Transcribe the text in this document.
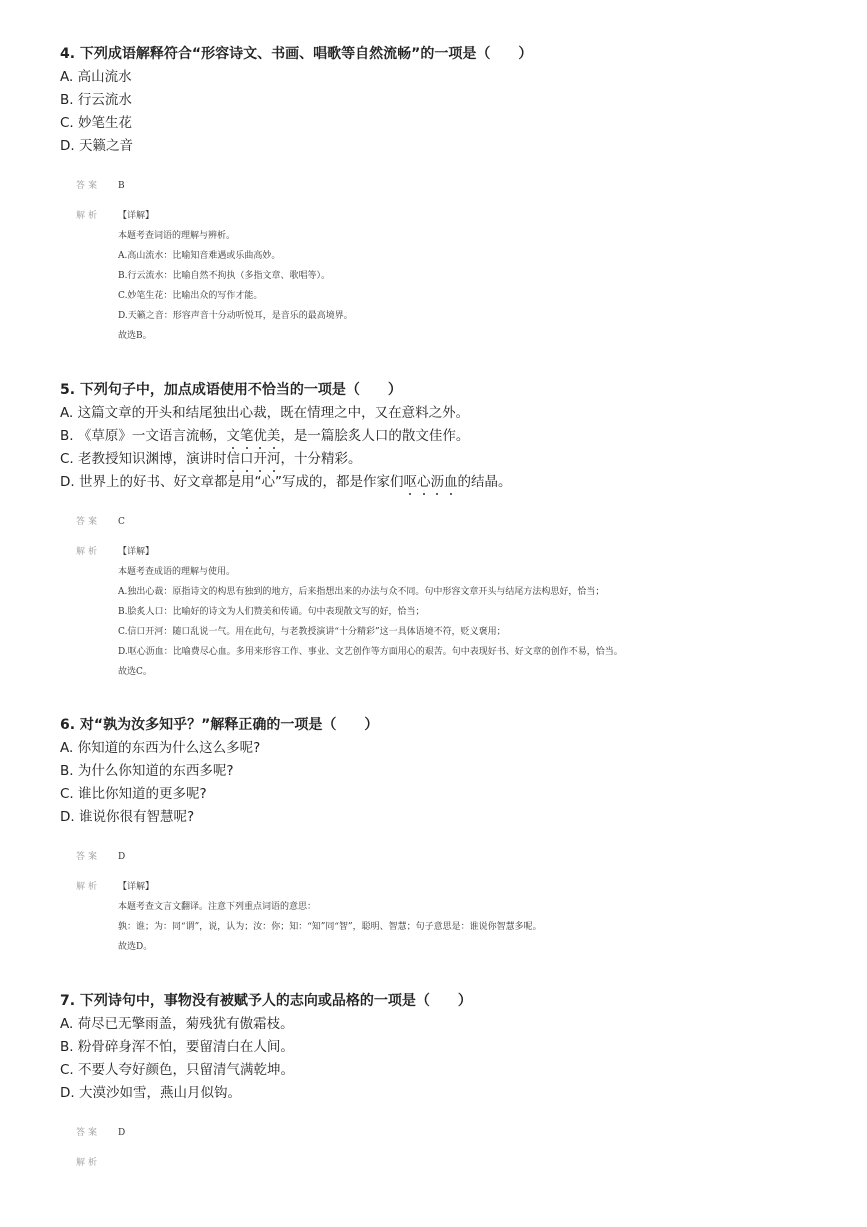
4. 下列成语解释符合“形容诗文、书画、唱歌等自然流畅”的一项是（　　）
A. 高山流水
B. 行云流水
C. 妙笔生花
D. 天籁之音
答案 B
解析 【详解】
本题考查词语的理解与辨析。
A.高山流水：比喻知音难遇或乐曲高妙。
B.行云流水：比喻自然不拘执（多指文章、歌唱等）。
C.妙笔生花：比喻出众的写作才能。
D.天籁之音：形容声音十分动听悦耳，是音乐的最高境界。
故选B。
5. 下列句子中，加点成语使用不恰当的一项是（　　）
A. 这篇文章的开头和结尾独出心裁，既在情理之中，又在意料之外。
B. 《草原》一文语言流畅，文笔优美，是一篇脍炙人口的散文佳作。
C. 老教授知识渊博，演讲时信口开河，十分精彩。
D. 世界上的好书、好文章都是用“心”写成的，都是作家们呕心沥血的结晶。
答案 C
解析 【详解】
本题考查成语的理解与使用。
A.独出心裁：原指诗文的构思有独到的地方，后来指想出来的办法与众不同。句中形容文章开头与结尾方法构思好，恰当；
B.脍炙人口：比喻好的诗文为人们赞美和传诵。句中表现散文写的好，恰当；
C.信口开河：随口乱说一气。用在此句，与老教授演讲“十分精彩”这一具体语境不符，贬义褒用；
D.呕心沥血：比喻费尽心血。多用来形容工作、事业、文艺创作等方面用心的艰苦。句中表现好书、好文章的创作不易，恰当。
故选C。
6. 对“孰为汝多知乎？”解释正确的一项是（　　）
A. 你知道的东西为什么这么多呢?
B. 为什么你知道的东西多呢?
C. 谁比你知道的更多呢?
D. 谁说你很有智慧呢?
答案 D
解析 【详解】
本题考查文言文翻译。注意下列重点词语的意思：
孰：谁；为：同“谓”，说，认为；汝：你；知：“知”同“智”，聪明、智慧；句子意思是：谁说你智慧多呢。
故选D。
7. 下列诗句中，事物没有被赋予人的志向或品格的一项是（　　）
A. 荷尽已无擎雨盖，菊残犹有傲霜枝。
B. 粉骨碎身浑不怕，要留清白在人间。
C. 不要人夸好颜色，只留清气满乾坤。
D. 大漠沙如雪，燕山月似钩。
答案 D
解析
